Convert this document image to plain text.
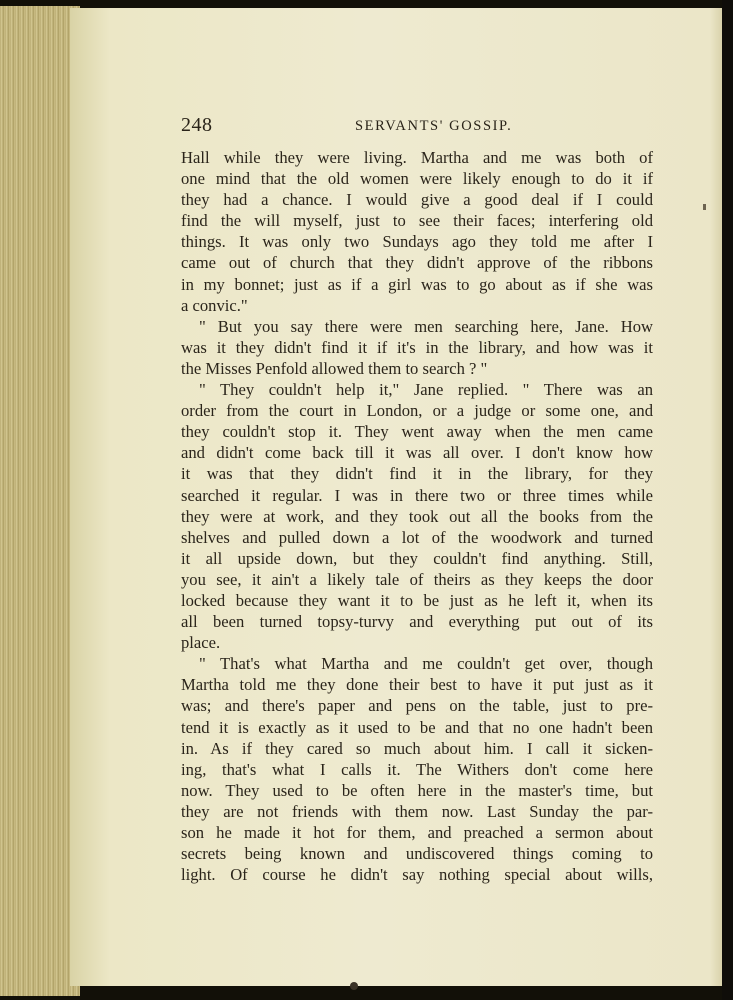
248	SERVANTS' GOSSIP.
Hall while they were living. Martha and me was both of
one mind that the old women were likely enough to do it if
they had a chance. I would give a good deal if I could
find the will myself, just to see their faces; interfering old
things. It was only two Sundays ago they told me after I
came out of church that they didn't approve of the ribbons
in my bonnet; just as if a girl was to go about as if she was
a convic."
" But you say there were men searching here, Jane. How
was it they didn't find it if it's in the library, and how was it
the Misses Penfold allowed them to search ? "
" They couldn't help it," Jane replied. " There was an
order from the court in London, or a judge or some one, and
they couldn't stop it. They went away when the men came
and didn't come back till it was all over. I don't know how
it was that they didn't find it in the library, for they
searched it regular. I was in there two or three times while
they were at work, and they took out all the books from the
shelves and pulled down a lot of the woodwork and turned
it all upside down, but they couldn't find anything. Still,
you see, it ain't a likely tale of theirs as they keeps the door
locked because they want it to be just as he left it, when its
all been turned topsy-turvy and everything put out of its
place.
" That's what Martha and me couldn't get over, though
Martha told me they done their best to have it put just as it
was; and there's paper and pens on the table, just to pre-
tend it is exactly as it used to be and that no one hadn't been
in. As if they cared so much about him. I call it sicken-
ing, that's what I calls it. The Withers don't come here
now. They used to be often here in the master's time, but
they are not friends with them now. Last Sunday the par-
son he made it hot for them, and preached a sermon about
secrets being known and undiscovered things coming to
light. Of course he didn't say nothing special about wills,
